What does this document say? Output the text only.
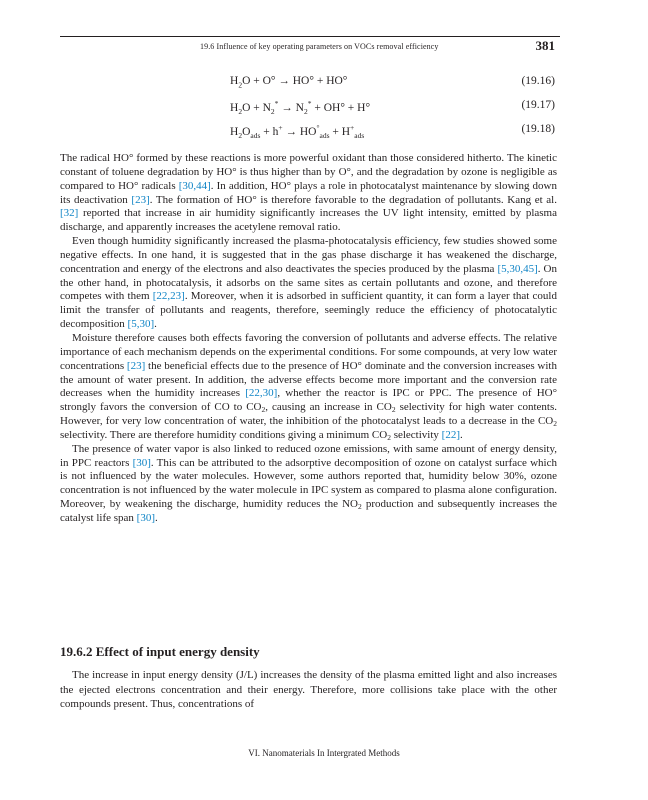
19.6 Influence of key operating parameters on VOCs removal efficiency	381
$H_2O + O^\circ \to HO^\circ + HO^\circ$	(19.16)
$H_2O + N_2^* \to N_2^* + OH^\circ + H^\circ$	(19.17)
$H_2O_{ads} + h^+ \to HO^\circ_{ads} + H^+_{ads}$
(19.18)

The radical HO° formed by these reactions is more powerful oxidant than those considered hitherto. The kinetic constant of toluene degradation by HO° is thus higher than by O°, and the degradation by ozone is negligible as compared to HO° radicals [30,44]. In addition, HO° plays a role in photocatalyst maintenance by slowing down its deactivation [23]. The formation of HO° is therefore favorable to the degradation of pollutants. Kang et al. [32] reported that increase in air humidity significantly increases the UV light intensity, emitted by plasma discharge, and apparently increases the acetylene removal ratio.

Even though humidity significantly increased the plasma-photocatalysis efficiency, few studies showed some negative effects. In one hand, it is suggested that in the gas phase discharge it has weakened the discharge, concentration and energy of the electrons and also deactivates the species produced by the plasma [5,30,45]. On the other hand, in photocatalysis, it adsorbs on the same sites as certain pollutants and ozone, and therefore competes with them [22,23]. Moreover, when it is adsorbed in sufficient quantity, it can form a layer that could limit the transfer of pollutants and reagents, therefore, seemingly reduce the efficiency of photocatalytic decomposition [5,30].

Moisture therefore causes both effects favoring the conversion of pollutants and adverse effects. The relative importance of each mechanism depends on the experimental conditions. For some compounds, at very low water concentrations [23] the beneficial effects due to the presence of HO° dominate and the conversion increases with the amount of water present. In addition, the adverse effects become more important and the conversion rate decreases when the humidity increases [22,30], whether the reactor is IPC or PPC. The presence of HO° strongly favors the conversion of CO to $CO_2$, causing an increase in $CO_2$ selectivity for high water contents. However, for very low concentration of water, the inhibition of the photocatalyst leads to a decrease in the $CO_2$ selectivity. There are therefore humidity conditions giving a minimum $CO_2$ selectivity [22].

The presence of water vapor is also linked to reduced ozone emissions, with same amount of energy density, in PPC reactors [30]. This can be attributed to the adsorptive decomposition of ozone on catalyst surface which is not influenced by the water molecules. However, some authors reported that, humidity below 30%, ozone concentration is not influenced by the water molecule in IPC system as compared to plasma alone configuration. Moreover, by weakening the discharge, humidity reduces the $NO_2$ production and subsequently increases the catalyst life span [30].

19.6.2 Effect of input energy density

The increase in input energy density (J/L) increases the density of the plasma emitted light and also increases the ejected electrons concentration and their energy. Therefore, more collisions take place with the other compounds present. Thus, concentrations of

VI. Nanomaterials In Intergrated Methods
